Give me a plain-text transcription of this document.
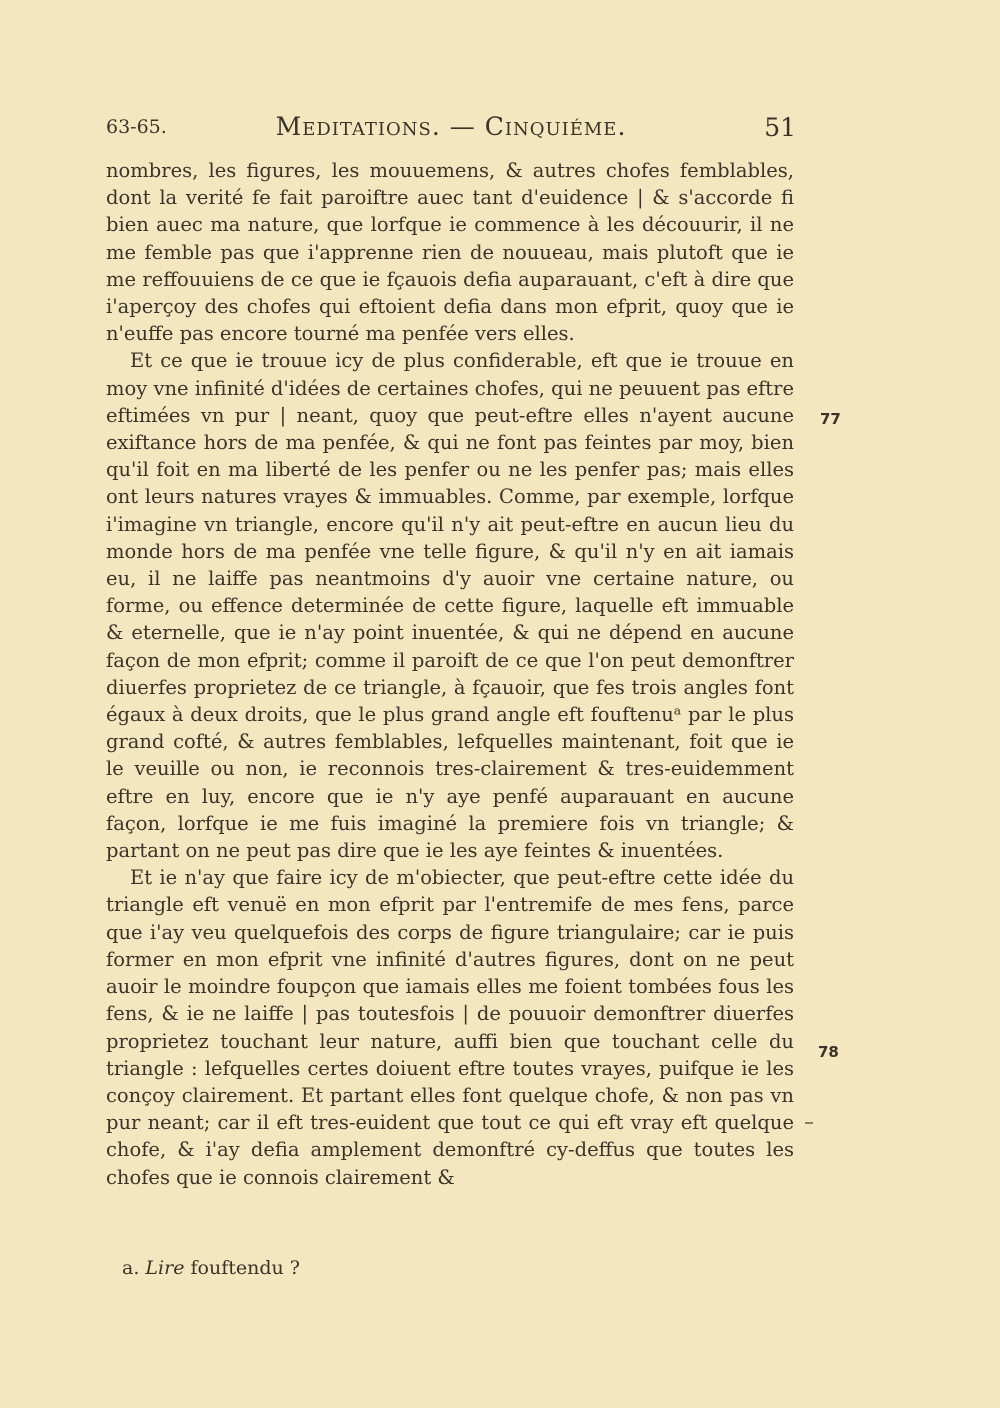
63-65.	Meditations. — Cinquiéme.	51

nombres, les figures, les mouuemens, & autres chofes femblables, dont la verité fe fait paroiftre auec tant d'euidence | & s'accorde fi bien auec ma nature, que lorfque ie commence à les découurir, il ne me femble pas que i'apprenne rien de nouueau, mais plutoft que ie me reffouuiens de ce que ie fçauois defia auparauant, c'eft à dire que i'aperçoy des chofes qui eftoient defia dans mon efprit, quoy que ie n'euffe pas encore tourné ma penfée vers elles.

Et ce que ie trouue icy de plus confiderable, eft que ie trouue en moy vne infinité d'idées de certaines chofes, qui ne peuuent pas eftre eftimées vn pur | neant, quoy que peut-eftre elles n'ayent aucune exiftance hors de ma penfée, & qui ne font pas feintes par moy, bien qu'il foit en ma liberté de les penfer ou ne les penfer pas; mais elles ont leurs natures vrayes & immuables. Comme, par exemple, lorfque i'imagine vn triangle, encore qu'il n'y ait peut-eftre en aucun lieu du monde hors de ma penfée vne telle figure, & qu'il n'y en ait iamais eu, il ne laiffe pas neantmoins d'y auoir vne certaine nature, ou forme, ou effence determinée de cette figure, laquelle eft immuable & eternelle, que ie n'ay point inuentée, & qui ne dépend en aucune façon de mon efprit; comme il paroift de ce que l'on peut demonftrer diuerfes proprietez de ce triangle, à fçauoir, que fes trois angles font égaux à deux droits, que le plus grand angle eft fouftenuᵃ par le plus grand cofté, & autres femblables, lefquelles maintenant, foit que ie le veuille ou non, ie reconnois tres-clairement & tres-euidemment eftre en luy, encore que ie n'y aye penfé auparauant en aucune façon, lorfque ie me fuis imaginé la premiere fois vn triangle; & partant on ne peut pas dire que ie les aye feintes & inuentées.

Et ie n'ay que faire icy de m'obiecter, que peut-eftre cette idée du triangle eft venuë en mon efprit par l'entremife de mes fens, parce que i'ay veu quelquefois des corps de figure triangulaire; car ie puis former en mon efprit vne infinité d'autres figures, dont on ne peut auoir le moindre foupçon que iamais elles me foient tombées fous les fens, & ie ne laiffe | pas toutesfois | de pouuoir demonftrer diuerfes proprietez touchant leur nature, auffi bien que touchant celle du triangle : lefquelles certes doiuent eftre toutes vrayes, puifque ie les conçoy clairement. Et partant elles font quelque chofe, & non pas vn pur neant; car il eft tres-euident que tout ce qui eft vray eft quelque chofe, & i'ay defia amplement demonftré cy-deffus que toutes les chofes que ie connois clairement &

77
78
a. Lire fouftendu ?
